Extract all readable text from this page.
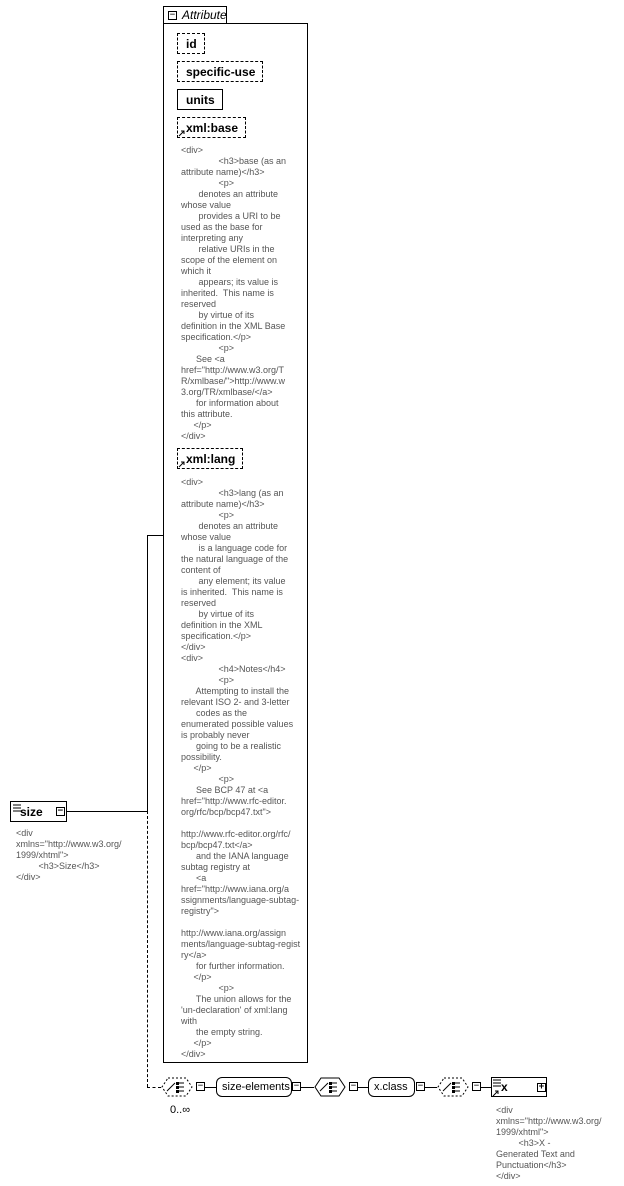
− Attribute
id
specific-use
units
xml:base
<div>
<h3>base (as an
attribute name)</h3>
<p>
denotes an attribute
whose value
provides a URI to be
used as the base for
interpreting any
relative URIs in the
scope of the element on
which it
appears; its value is
inherited.  This name is
reserved
by virtue of its
definition in the XML Base
specification.</p>
<p>
See <a
href="http://www.w3.org/T
R/xmlbase/">http://www.w
3.org/TR/xmlbase/</a>
for information about
this attribute.
</p>
</div>
xml:lang
<div>
<h3>lang (as an
attribute name)</h3>
<p>
denotes an attribute
whose value
is a language code for
the natural language of the
content of
any element; its value
is inherited.  This name is
reserved
by virtue of its
definition in the XML
specification.</p>
</div>
<div>
<h4>Notes</h4>
<p>
Attempting to install the
relevant ISO 2- and 3-letter
codes as the
enumerated possible values
is probably never
going to be a realistic
possibility.
</p>
<p>
See BCP 47 at <a
href="http://www.rfc-editor.
org/rfc/bcp/bcp47.txt">

http://www.rfc-editor.org/rfc/
bcp/bcp47.txt</a>
and the IANA language
subtag registry at
<a
href="http://www.iana.org/a
ssignments/language-subtag-
registry">

http://www.iana.org/assign
ments/language-subtag-regist
ry</a>
for further information.
</p>
<p>
The union allows for the
'un-declaration' of xml:lang
with
the empty string.
</p>
</div>
size −
<div
xmlns="http://www.w3.org/
1999/xhtml">
<h3>Size</h3>
</div>
0..∞
−	size-elements −	−	x.class	−	− x	+
<div
xmlns="http://www.w3.org/
1999/xhtml">
<h3>X -
Generated Text and
Punctuation</h3>
</div>
